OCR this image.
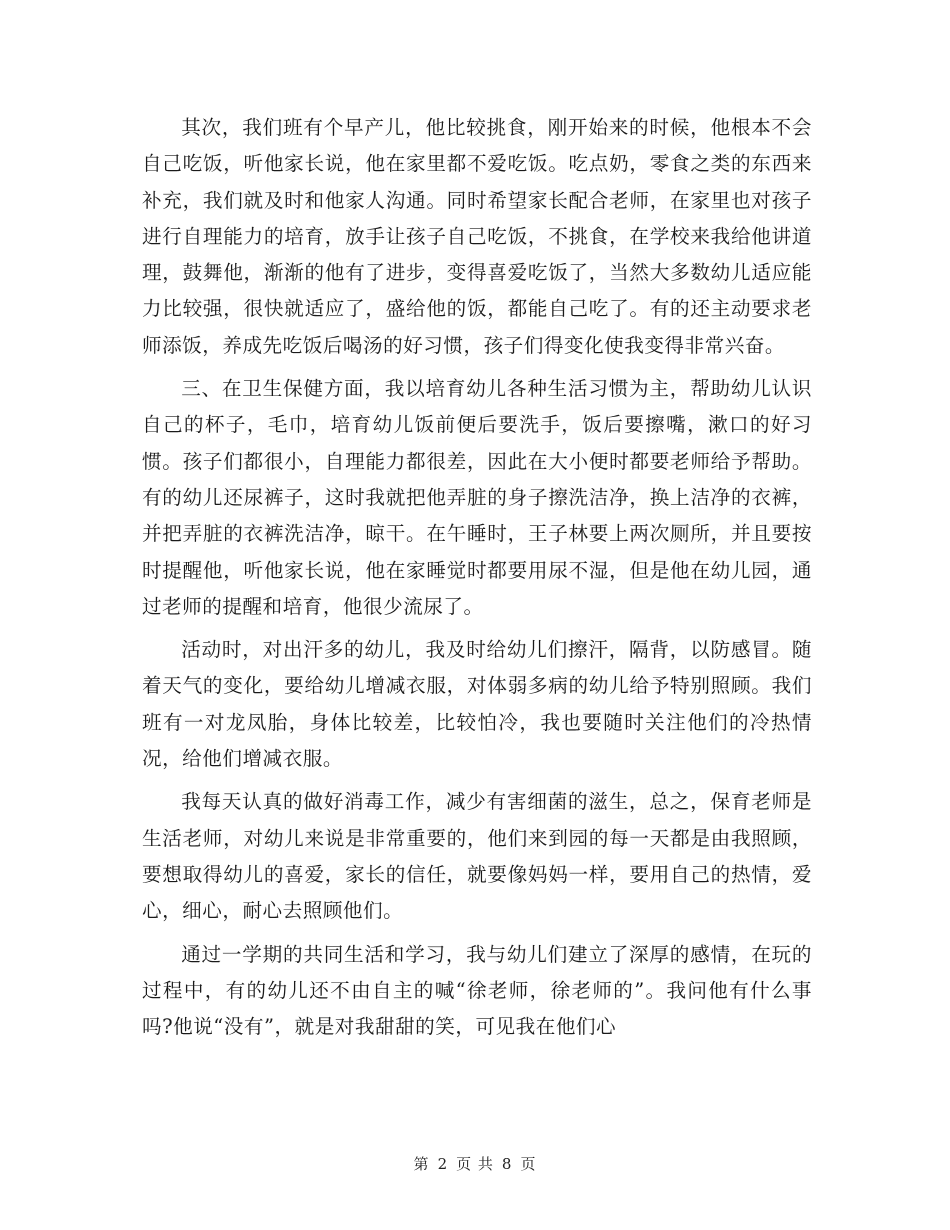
其次，我们班有个早产儿，他比较挑食，刚开始来的时候，他根本不会自己吃饭，听他家长说，他在家里都不爱吃饭。吃点奶，零食之类的东西来补充，我们就及时和他家人沟通。同时希望家长配合老师，在家里也对孩子进行自理能力的培育，放手让孩子自己吃饭，不挑食，在学校来我给他讲道理，鼓舞他，渐渐的他有了进步，变得喜爱吃饭了，当然大多数幼儿适应能力比较强，很快就适应了，盛给他的饭，都能自己吃了。有的还主动要求老师添饭，养成先吃饭后喝汤的好习惯，孩子们得变化使我变得非常兴奋。

三、在卫生保健方面，我以培育幼儿各种生活习惯为主，帮助幼儿认识自己的杯子，毛巾，培育幼儿饭前便后要洗手，饭后要擦嘴，漱口的好习惯。孩子们都很小，自理能力都很差，因此在大小便时都要老师给予帮助。有的幼儿还尿裤子，这时我就把他弄脏的身子擦洗洁净，换上洁净的衣裤，并把弄脏的衣裤洗洁净，晾干。在午睡时，王子林要上两次厕所，并且要按时提醒他，听他家长说，他在家睡觉时都要用尿不湿，但是他在幼儿园，通过老师的提醒和培育，他很少流尿了。

活动时，对出汗多的幼儿，我及时给幼儿们擦汗，隔背，以防感冒。随着天气的变化，要给幼儿增减衣服，对体弱多病的幼儿给予特别照顾。我们班有一对龙凤胎，身体比较差，比较怕冷，我也要随时关注他们的冷热情况，给他们增减衣服。

我每天认真的做好消毒工作，减少有害细菌的滋生，总之，保育老师是生活老师，对幼儿来说是非常重要的，他们来到园的每一天都是由我照顾，要想取得幼儿的喜爱，家长的信任，就要像妈妈一样，要用自己的热情，爱心，细心，耐心去照顾他们。

通过一学期的共同生活和学习，我与幼儿们建立了深厚的感情，在玩的过程中，有的幼儿还不由自主的喊“徐老师，徐老师的”。我问他有什么事吗?他说“没有”，就是对我甜甜的笑，可见我在他们心

第 2 页 共 8 页
